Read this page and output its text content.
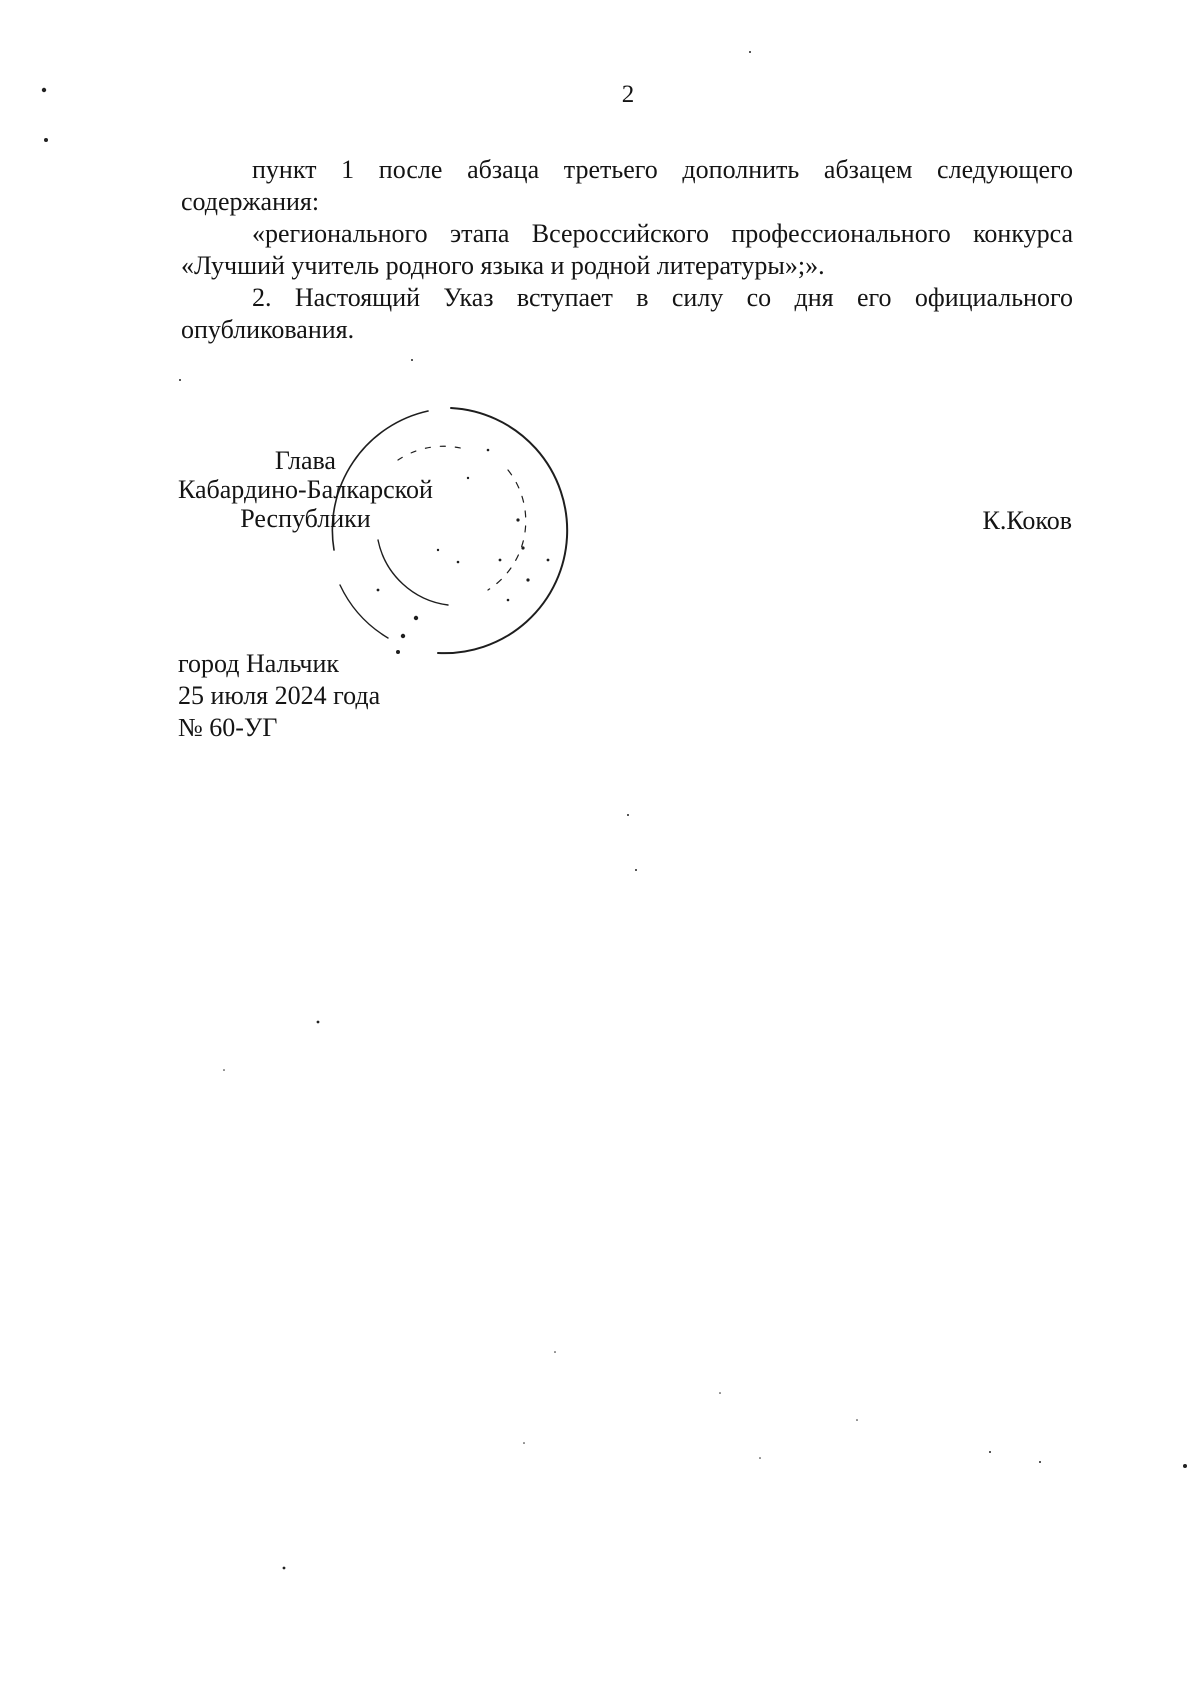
2

пункт 1 после абзаца третьего дополнить абзацем следующего содержания:

«регионального этапа Всероссийского профессионального конкурса «Лучший учитель родного языка и родной литературы»;».

2. Настоящий Указ вступает в силу со дня его официального опубликования.

Глава
Кабардино-Балкарской
Республики	К.Коков
город Нальчик
25 июля 2024 года
№ 60-УГ
